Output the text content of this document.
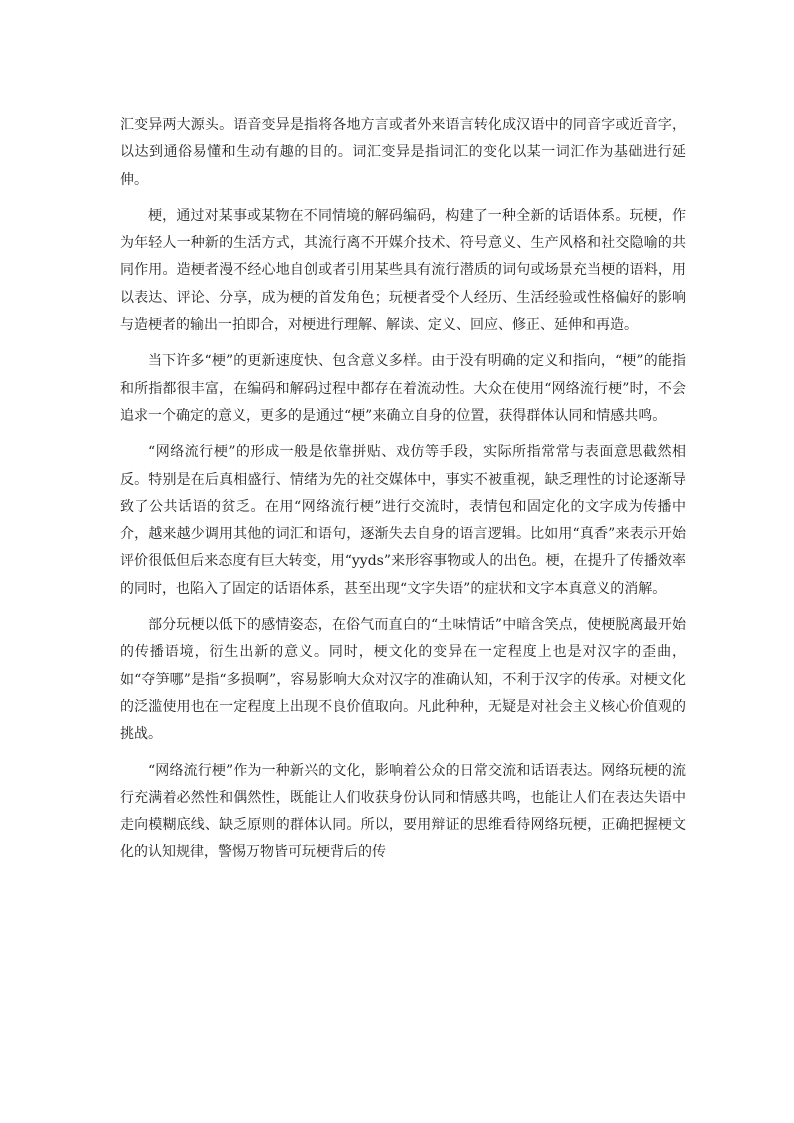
汇变异两大源头。语音变异是指将各地方言或者外来语言转化成汉语中的同音字或近音字，以达到通俗易懂和生动有趣的目的。词汇变异是指词汇的变化以某一词汇作为基础进行延伸。

梗，通过对某事或某物在不同情境的解码编码，构建了一种全新的话语体系。玩梗，作为年轻人一种新的生活方式，其流行离不开媒介技术、符号意义、生产风格和社交隐喻的共同作用。造梗者漫不经心地自创或者引用某些具有流行潜质的词句或场景充当梗的语料，用以表达、评论、分享，成为梗的首发角色；玩梗者受个人经历、生活经验或性格偏好的影响与造梗者的输出一拍即合，对梗进行理解、解读、定义、回应、修正、延伸和再造。

当下许多“梗”的更新速度快、包含意义多样。由于没有明确的定义和指向，“梗”的能指和所指都很丰富，在编码和解码过程中都存在着流动性。大众在使用“网络流行梗”时，不会追求一个确定的意义，更多的是通过“梗”来确立自身的位置，获得群体认同和情感共鸣。

“网络流行梗”的形成一般是依靠拼贴、戏仿等手段，实际所指常常与表面意思截然相反。特别是在后真相盛行、情绪为先的社交媒体中，事实不被重视，缺乏理性的讨论逐渐导致了公共话语的贫乏。在用“网络流行梗”进行交流时，表情包和固定化的文字成为传播中介，越来越少调用其他的词汇和语句，逐渐失去自身的语言逻辑。比如用“真香”来表示开始评价很低但后来态度有巨大转变，用“yyds”来形容事物或人的出色。梗，在提升了传播效率的同时，也陷入了固定的话语体系，甚至出现“文字失语”的症状和文字本真意义的消解。

部分玩梗以低下的感情姿态，在俗气而直白的“土味情话”中暗含笑点，使梗脱离最开始的传播语境，衍生出新的意义。同时，梗文化的变异在一定程度上也是对汉字的歪曲，如“夺笋哪”是指“多损啊”，容易影响大众对汉字的准确认知，不利于汉字的传承。对梗文化的泛滥使用也在一定程度上出现不良价值取向。凡此种种，无疑是对社会主义核心价值观的挑战。

“网络流行梗”作为一种新兴的文化，影响着公众的日常交流和话语表达。网络玩梗的流行充满着必然性和偶然性，既能让人们收获身份认同和情感共鸣，也能让人们在表达失语中走向模糊底线、缺乏原则的群体认同。所以，要用辩证的思维看待网络玩梗，正确把握梗文化的认知规律，警惕万物皆可玩梗背后的传
